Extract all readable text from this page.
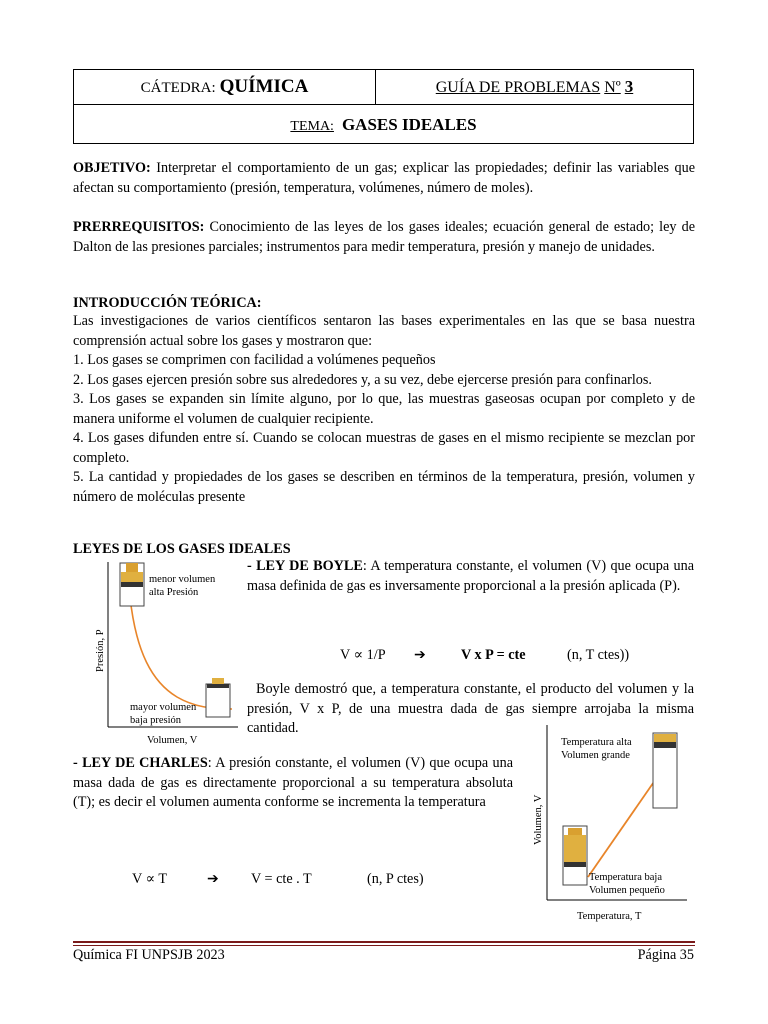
CÁTEDRA: QUÍMICA	GUÍA DE PROBLEMAS Nº 3
TEMA: GASES IDEALES
OBJETIVO: Interpretar el comportamiento de un gas; explicar las propiedades; definir las variables que afectan su comportamiento (presión, temperatura, volúmenes, número de moles).
PRERREQUISITOS: Conocimiento de las leyes de los gases ideales; ecuación general de estado; ley de Dalton de las presiones parciales; instrumentos para medir temperatura, presión y manejo de unidades.
INTRODUCCIÓN TEÓRICA:
Las investigaciones de varios científicos sentaron las bases experimentales en las que se basa nuestra comprensión actual sobre los gases y mostraron que:
1. Los gases se comprimen con facilidad a volúmenes pequeños
2. Los gases ejercen presión sobre sus alrededores y, a su vez, debe ejercerse presión para confinarlos.
3. Los gases se expanden sin límite alguno, por lo que, las muestras gaseosas ocupan por completo y de manera uniforme el volumen de cualquier recipiente.
4. Los gases difunden entre sí. Cuando se colocan muestras de gases en el mismo recipiente se mezclan por completo.
5. La cantidad y propiedades de los gases se describen en términos de la temperatura, presión, volumen y número de moléculas presente
LEYES DE LOS GASES IDEALES
menor volumen
alta Presión
mayor volumen
baja presión
Presión, P
Volumen, V
- LEY DE BOYLE: A temperatura constante, el volumen (V) que ocupa una masa definida de gas es inversamente proporcional a la presión aplicada (P).
V ∝ 1/P ➔ V x P = cte	(n, T ctes))
Boyle demostró que, a temperatura constante, el producto del volumen y la presión, V x P, de una muestra dada de gas siempre arrojaba la misma cantidad.
Temperatura alta
Volumen grande
Temperatura baja
Volumen pequeño
Volumen, V
Temperatura, T
- LEY DE CHARLES: A presión constante, el volumen (V) que ocupa una masa dada de gas es directamente proporcional a su temperatura absoluta (T); es decir el volumen aumenta conforme se incrementa la temperatura
V ∝ T	➔ V = cte . T	(n, P ctes)
Química FI UNPSJB 2023	Página 35
